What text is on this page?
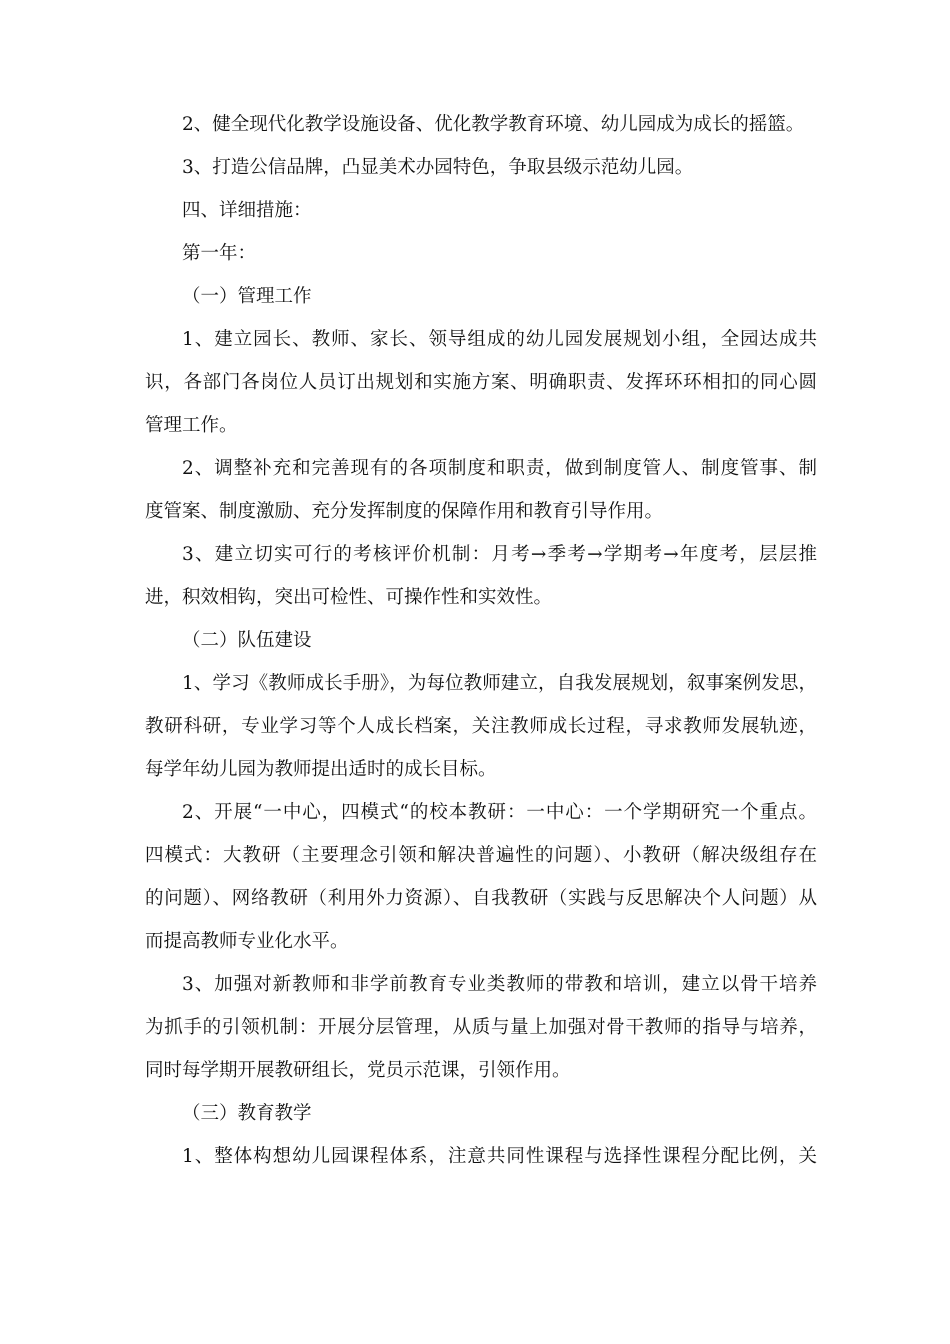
2、健全现代化教学设施设备、优化教学教育环境、幼儿园成为成长的摇篮。
3、打造公信品牌，凸显美术办园特色，争取县级示范幼儿园。
四、详细措施：
第一年：
（一）管理工作
1、建立园长、教师、家长、领导组成的幼儿园发展规划小组，全园达成共
识，各部门各岗位人员订出规划和实施方案、明确职责、发挥环环相扣的同心圆
管理工作。
2、调整补充和完善现有的各项制度和职责，做到制度管人、制度管事、制
度管案、制度激励、充分发挥制度的保障作用和教育引导作用。
3、建立切实可行的考核评价机制：月考→季考→学期考→年度考，层层推
进，积效相钩，突出可检性、可操作性和实效性。
（二）队伍建设
1、学习《教师成长手册》，为每位教师建立，自我发展规划，叙事案例发思，
教研科研，专业学习等个人成长档案，关注教师成长过程，寻求教师发展轨迹，
每学年幼儿园为教师提出适时的成长目标。
2、开展“一中心，四模式“的校本教研：一中心：一个学期研究一个重点。
四模式：大教研（主要理念引领和解决普遍性的问题）、小教研（解决级组存在
的问题）、网络教研（利用外力资源）、自我教研（实践与反思解决个人问题）从
而提高教师专业化水平。
3、加强对新教师和非学前教育专业类教师的带教和培训，建立以骨干培养
为抓手的引领机制：开展分层管理，从质与量上加强对骨干教师的指导与培养，
同时每学期开展教研组长，党员示范课，引领作用。
（三）教育教学
1、整体构想幼儿园课程体系，注意共同性课程与选择性课程分配比例，关
